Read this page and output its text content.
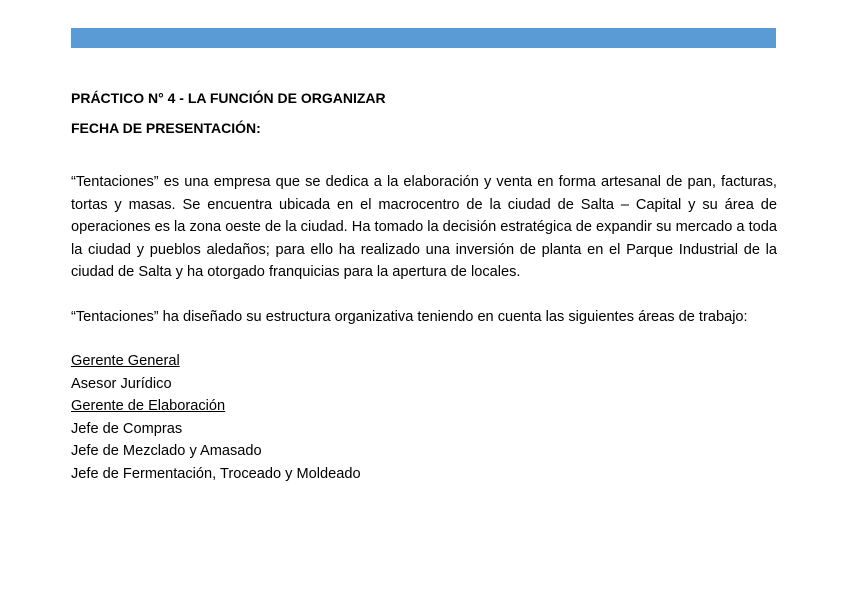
PRÁCTICO N° 4 - LA FUNCIÓN DE ORGANIZAR

FECHA DE PRESENTACIÓN:

“Tentaciones” es una empresa que se dedica a la elaboración y venta en forma artesanal de pan, facturas, tortas y masas. Se encuentra ubicada en el macrocentro de la ciudad de Salta – Capital y su área de operaciones es la zona oeste de la ciudad. Ha tomado la decisión estratégica de expandir su mercado a toda la ciudad y pueblos aledaños; para ello ha realizado una inversión de planta en el Parque Industrial de la ciudad de Salta y ha otorgado franquicias para la apertura de locales.

“Tentaciones” ha diseñado su estructura organizativa teniendo en cuenta las siguientes áreas de trabajo:

Gerente General
Asesor Jurídico
Gerente de Elaboración
Jefe de Compras
Jefe de Mezclado y Amasado
Jefe de Fermentación, Troceado y Moldeado
